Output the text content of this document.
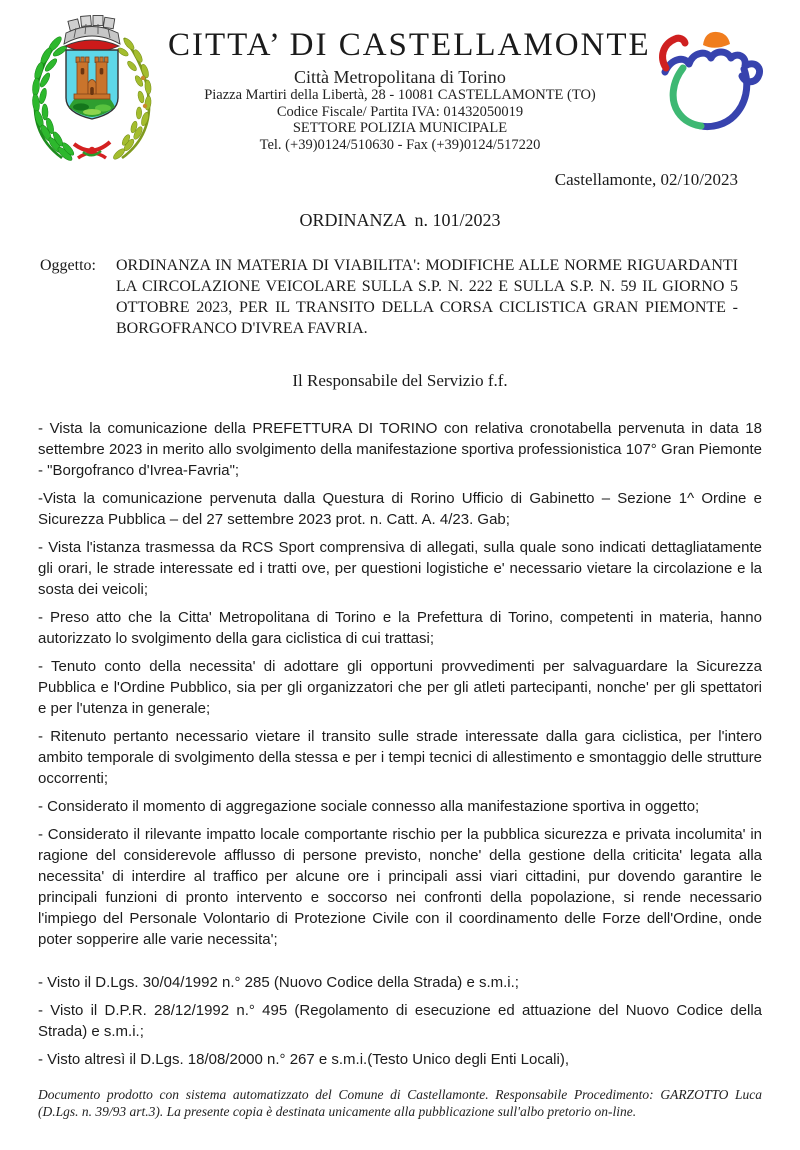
CITTA’ DI CASTELLAMONTE
Città Metropolitana di Torino
Piazza Martiri della Libertà, 28 - 10081 CASTELLAMONTE (TO)
Codice Fiscale/ Partita IVA: 01432050019
SETTORE POLIZIA MUNICIPALE
Tel. (+39)0124/510630 - Fax (+39)0124/517220
Castellamonte, 02/10/2023
ORDINANZA  n. 101/2023
Oggetto:	ORDINANZA IN MATERIA DI VIABILITA': MODIFICHE ALLE NORME RIGUARDANTI LA CIRCOLAZIONE VEICOLARE SULLA S.P. N. 222 E SULLA S.P. N. 59 IL GIORNO 5 OTTOBRE 2023, PER IL TRANSITO DELLA CORSA CICLISTICA GRAN PIEMONTE - BORGOFRANCO D'IVREA FAVRIA.
Il Responsabile del Servizio f.f.

- Vista la comunicazione della PREFETTURA DI TORINO con relativa cronotabella pervenuta in data 18 settembre 2023 in merito allo svolgimento della manifestazione sportiva professionistica 107° Gran Piemonte - "Borgofranco d'Ivrea-Favria";

-Vista la comunicazione pervenuta dalla Questura di Rorino Ufficio di Gabinetto – Sezione 1^ Ordine e Sicurezza Pubblica – del 27 settembre 2023 prot. n. Catt. A. 4/23. Gab;

- Vista l'istanza trasmessa da RCS Sport comprensiva di allegati, sulla quale sono indicati dettagliatamente gli orari, le strade interessate ed i tratti ove, per questioni logistiche e' necessario vietare la circolazione e la sosta dei veicoli;

- Preso atto che la Citta' Metropolitana di Torino e la Prefettura di Torino, competenti in materia, hanno autorizzato lo svolgimento della gara ciclistica di cui trattasi;

- Tenuto conto della necessita' di adottare gli opportuni provvedimenti per salvaguardare la Sicurezza Pubblica e l'Ordine Pubblico, sia per gli organizzatori che per gli atleti partecipanti, nonche' per gli spettatori e per l'utenza in generale;

- Ritenuto pertanto necessario vietare il transito sulle strade interessate dalla gara ciclistica, per l'intero ambito temporale di svolgimento della stessa e per i tempi tecnici di allestimento e smontaggio delle strutture occorrenti;

- Considerato il momento di aggregazione sociale connesso alla manifestazione sportiva in oggetto;

- Considerato il rilevante impatto locale comportante rischio per la pubblica sicurezza e privata incolumita' in ragione del considerevole afflusso di persone previsto, nonche' della gestione della criticita' legata alla necessita' di interdire al traffico per alcune ore i principali assi viari cittadini, pur dovendo garantire le principali funzioni di pronto intervento e soccorso nei confronti della popolazione, si rende necessario l'impiego del Personale Volontario di Protezione Civile con il coordinamento delle Forze dell'Ordine, onde poter sopperire alle varie necessita';

- Visto il D.Lgs. 30/04/1992 n.° 285 (Nuovo Codice della Strada) e s.m.i.;

- Visto il D.P.R. 28/12/1992 n.° 495 (Regolamento di esecuzione ed attuazione del Nuovo Codice della Strada) e s.m.i.;

- Visto altresì il D.Lgs. 18/08/2000 n.° 267 e s.m.i.(Testo Unico degli Enti Locali),

Documento prodotto con sistema automatizzato del Comune di Castellamonte. Responsabile Procedimento: GARZOTTO Luca (D.Lgs. n. 39/93 art.3). La presente copia è destinata unicamente alla pubblicazione sull'albo pretorio on-line.
